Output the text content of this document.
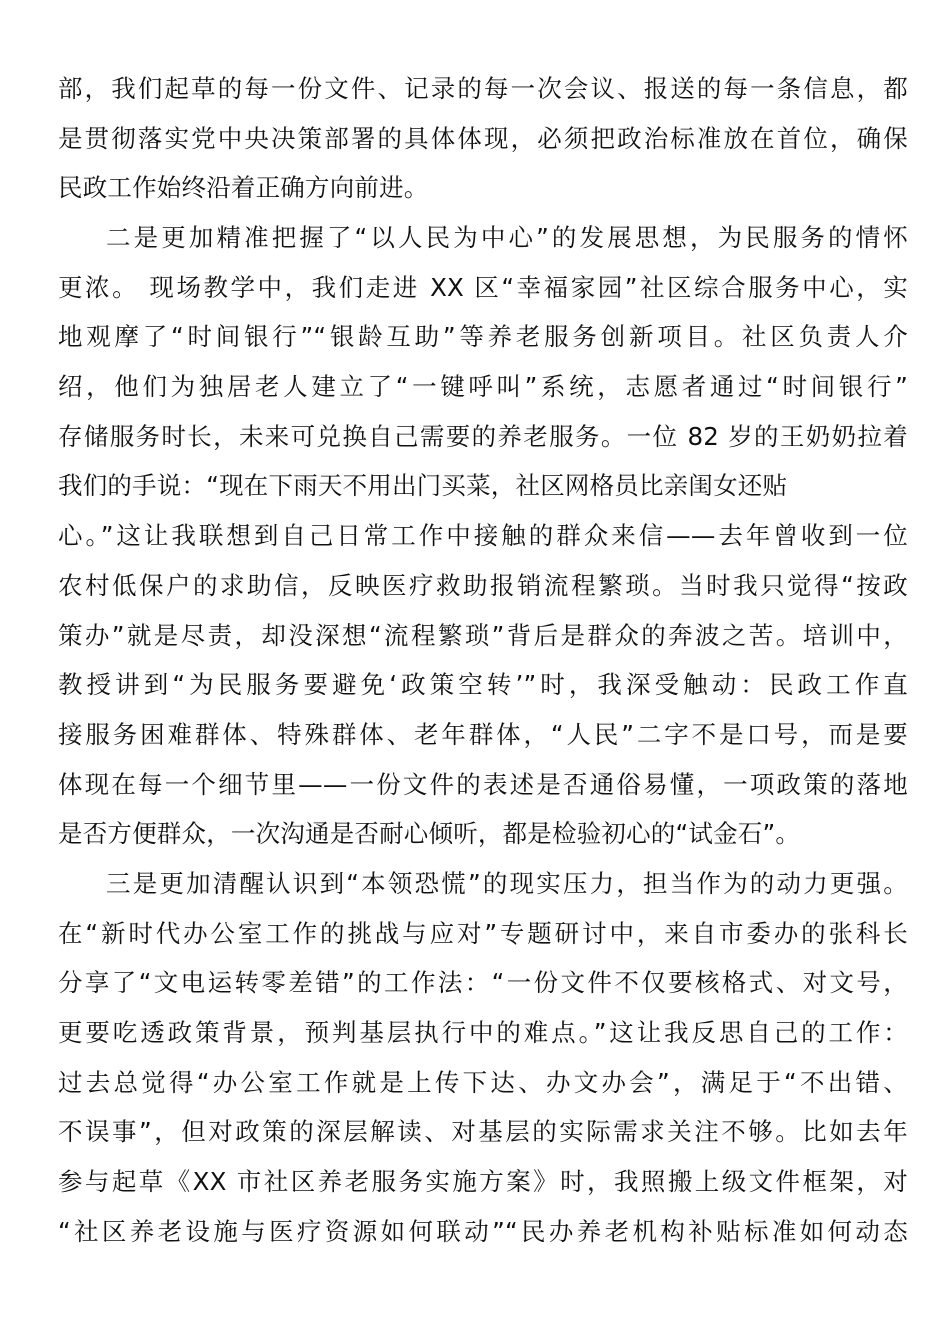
部，我们起草的每一份文件、记录的每一次会议、报送的每一条信息，都
是贯彻落实党中央决策部署的具体体现，必须把政治标准放在首位，确保
民政工作始终沿着正确方向前进。
二是更加精准把握了“以人民为中心”的发展思想，为民服务的情怀
更浓。 现场教学中，我们走进 XX 区“幸福家园”社区综合服务中心，实
地观摩了“时间银行”“银龄互助”等养老服务创新项目。社区负责人介
绍，他们为独居老人建立了“一键呼叫”系统，志愿者通过“时间银行”
存储服务时长，未来可兑换自己需要的养老服务。一位 82 岁的王奶奶拉着
我们的手说：“现在下雨天不用出门买菜，社区网格员比亲闺女还贴
心。”这让我联想到自己日常工作中接触的群众来信——去年曾收到一位
农村低保户的求助信，反映医疗救助报销流程繁琐。当时我只觉得“按政
策办”就是尽责，却没深想“流程繁琐”背后是群众的奔波之苦。培训中，
教授讲到“为民服务要避免‘政策空转’”时，我深受触动：民政工作直
接服务困难群体、特殊群体、老年群体，“人民”二字不是口号，而是要
体现在每一个细节里——一份文件的表述是否通俗易懂，一项政策的落地
是否方便群众，一次沟通是否耐心倾听，都是检验初心的“试金石”。
三是更加清醒认识到“本领恐慌”的现实压力，担当作为的动力更强。
在“新时代办公室工作的挑战与应对”专题研讨中，来自市委办的张科长
分享了“文电运转零差错”的工作法：“一份文件不仅要核格式、对文号，
更要吃透政策背景，预判基层执行中的难点。”这让我反思自己的工作：
过去总觉得“办公室工作就是上传下达、办文办会”，满足于“不出错、
不误事”，但对政策的深层解读、对基层的实际需求关注不够。比如去年
参与起草《XX 市社区养老服务实施方案》时，我照搬上级文件框架，对
“社区养老设施与医疗资源如何联动”“民办养老机构补贴标准如何动态
